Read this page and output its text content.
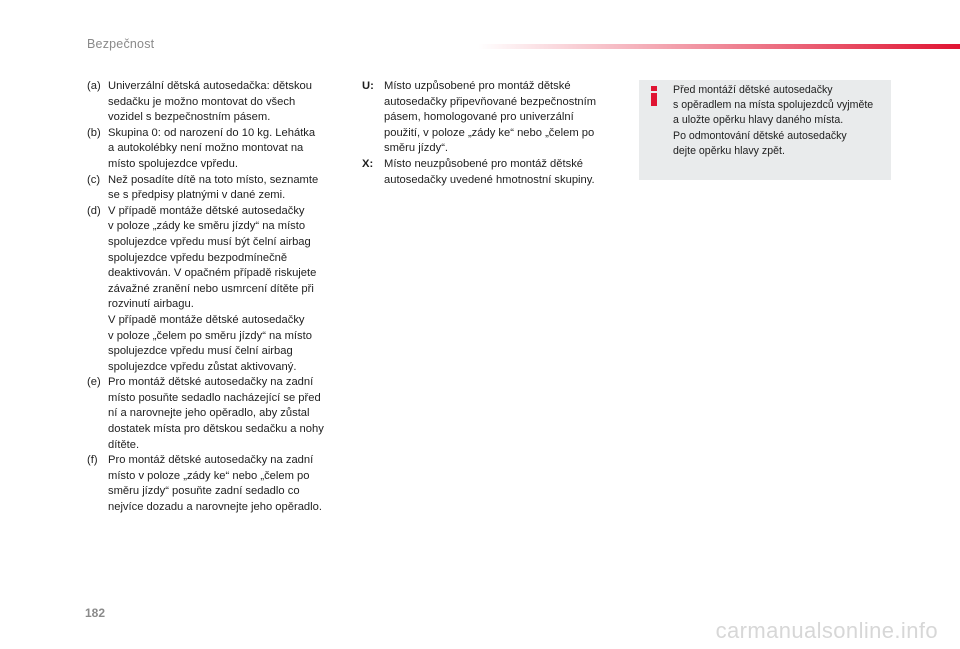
Bezpečnost
(a) Univerzální dětská autosedačka: dětskou
sedačku je možno montovat do všech
vozidel s bezpečnostním pásem.
(b) Skupina 0: od narození do 10 kg. Lehátka
a autokolébky není možno montovat na
místo spolujezdce vpředu.
(c) Než posadíte dítě na toto místo, seznamte
se s předpisy platnými v dané zemi.
(d) V případě montáže dětské autosedačky
v poloze „zády ke směru jízdy“ na místo
spolujezdce vpředu musí být čelní airbag
spolujezdce vpředu bezpodmínečně
deaktivován. V opačném případě riskujete
závažné zranění nebo usmrcení dítěte při
rozvinutí airbagu.
V případě montáže dětské autosedačky
v poloze „čelem po směru jízdy“ na místo
spolujezdce vpředu musí čelní airbag
spolujezdce vpředu zůstat aktivovaný.
(e) Pro montáž dětské autosedačky na zadní
místo posuňte sedadlo nacházející se před
ní a narovnejte jeho opěradlo, aby zůstal
dostatek místa pro dětskou sedačku a nohy
dítěte.
(f) Pro montáž dětské autosedačky na zadní
místo v poloze „zády ke“ nebo „čelem po
směru jízdy“ posuňte zadní sedadlo co
nejvíce dozadu a narovnejte jeho opěradlo.
U: Místo uzpůsobené pro montáž dětské
autosedačky připevňované bezpečnostním
pásem, homologované pro univerzální
použití, v poloze „zády ke“ nebo „čelem po
směru jízdy“.
X: Místo neuzpůsobené pro montáž dětské
autosedačky uvedené hmotnostní skupiny.
Před montáží dětské autosedačky
s opěradlem na místa spolujezdců vyjměte
a uložte opěrku hlavy daného místa.
Po odmontování dětské autosedačky
dejte opěrku hlavy zpět.
182
carmanualsonline.info
